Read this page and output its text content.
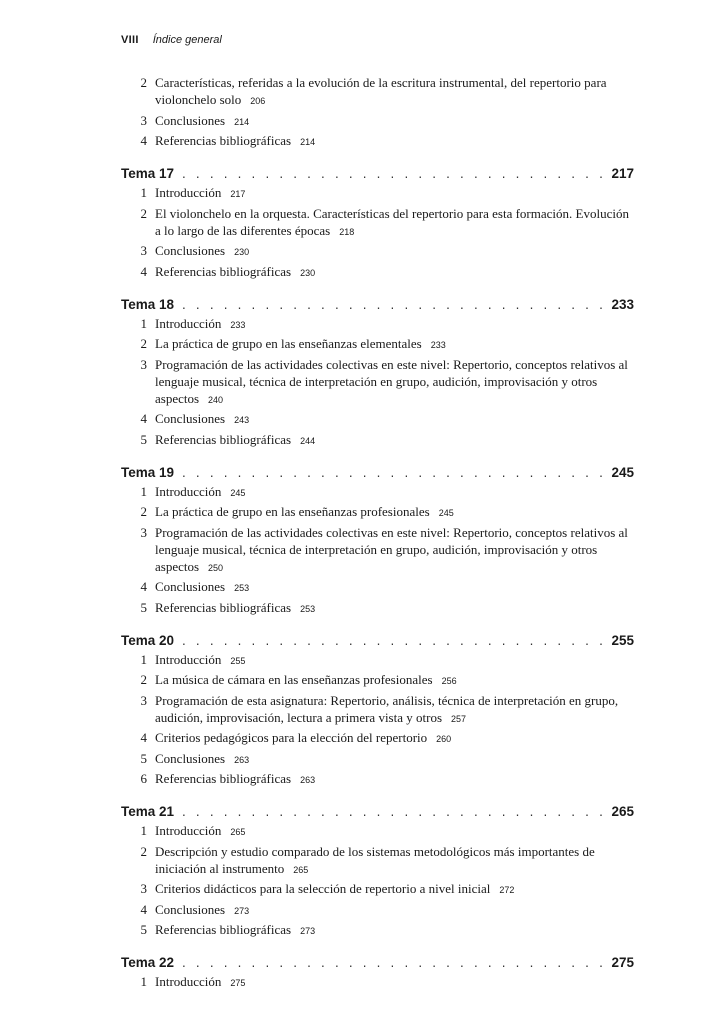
VIII Índice general
2 Características, referidas a la evolución de la escritura instrumental, del repertorio para violonchelo solo 206
3 Conclusiones 214
4 Referencias bibliográficas 214
Tema 17 . . .	217
1 Introducción 217
2 El violonchelo en la orquesta. Características del repertorio para esta formación. Evolución a lo largo de las diferentes épocas 218
3 Conclusiones 230
4 Referencias bibliográficas 230
Tema 18 . . .	233
1 Introducción 233
2 La práctica de grupo en las enseñanzas elementales 233
3 Programación de las actividades colectivas en este nivel: Repertorio, conceptos relativos al lenguaje musical, técnica de interpretación en grupo, audición, improvisación y otros aspectos 240
4 Conclusiones 243
5 Referencias bibliográficas 244
Tema 19 . . .	245
1 Introducción 245
2 La práctica de grupo en las enseñanzas profesionales 245
3 Programación de las actividades colectivas en este nivel: Repertorio, conceptos relativos al lenguaje musical, técnica de interpretación en grupo, audición, improvisación y otros aspectos 250
4 Conclusiones 253
5 Referencias bibliográficas 253
Tema 20 . . .	255
1 Introducción 255
2 La música de cámara en las enseñanzas profesionales 256
3 Programación de esta asignatura: Repertorio, análisis, técnica de interpretación en grupo, audición, improvisación, lectura a primera vista y otros 257
4 Criterios pedagógicos para la elección del repertorio 260
5 Conclusiones 263
6 Referencias bibliográficas 263
Tema 21 . . .	265
1 Introducción 265
2 Descripción y estudio comparado de los sistemas metodológicos más importantes de iniciación al instrumento 265
3 Criterios didácticos para la selección de repertorio a nivel inicial 272
4 Conclusiones 273
5 Referencias bibliográficas 273
Tema 22 . . .	275
1 Introducción 275
